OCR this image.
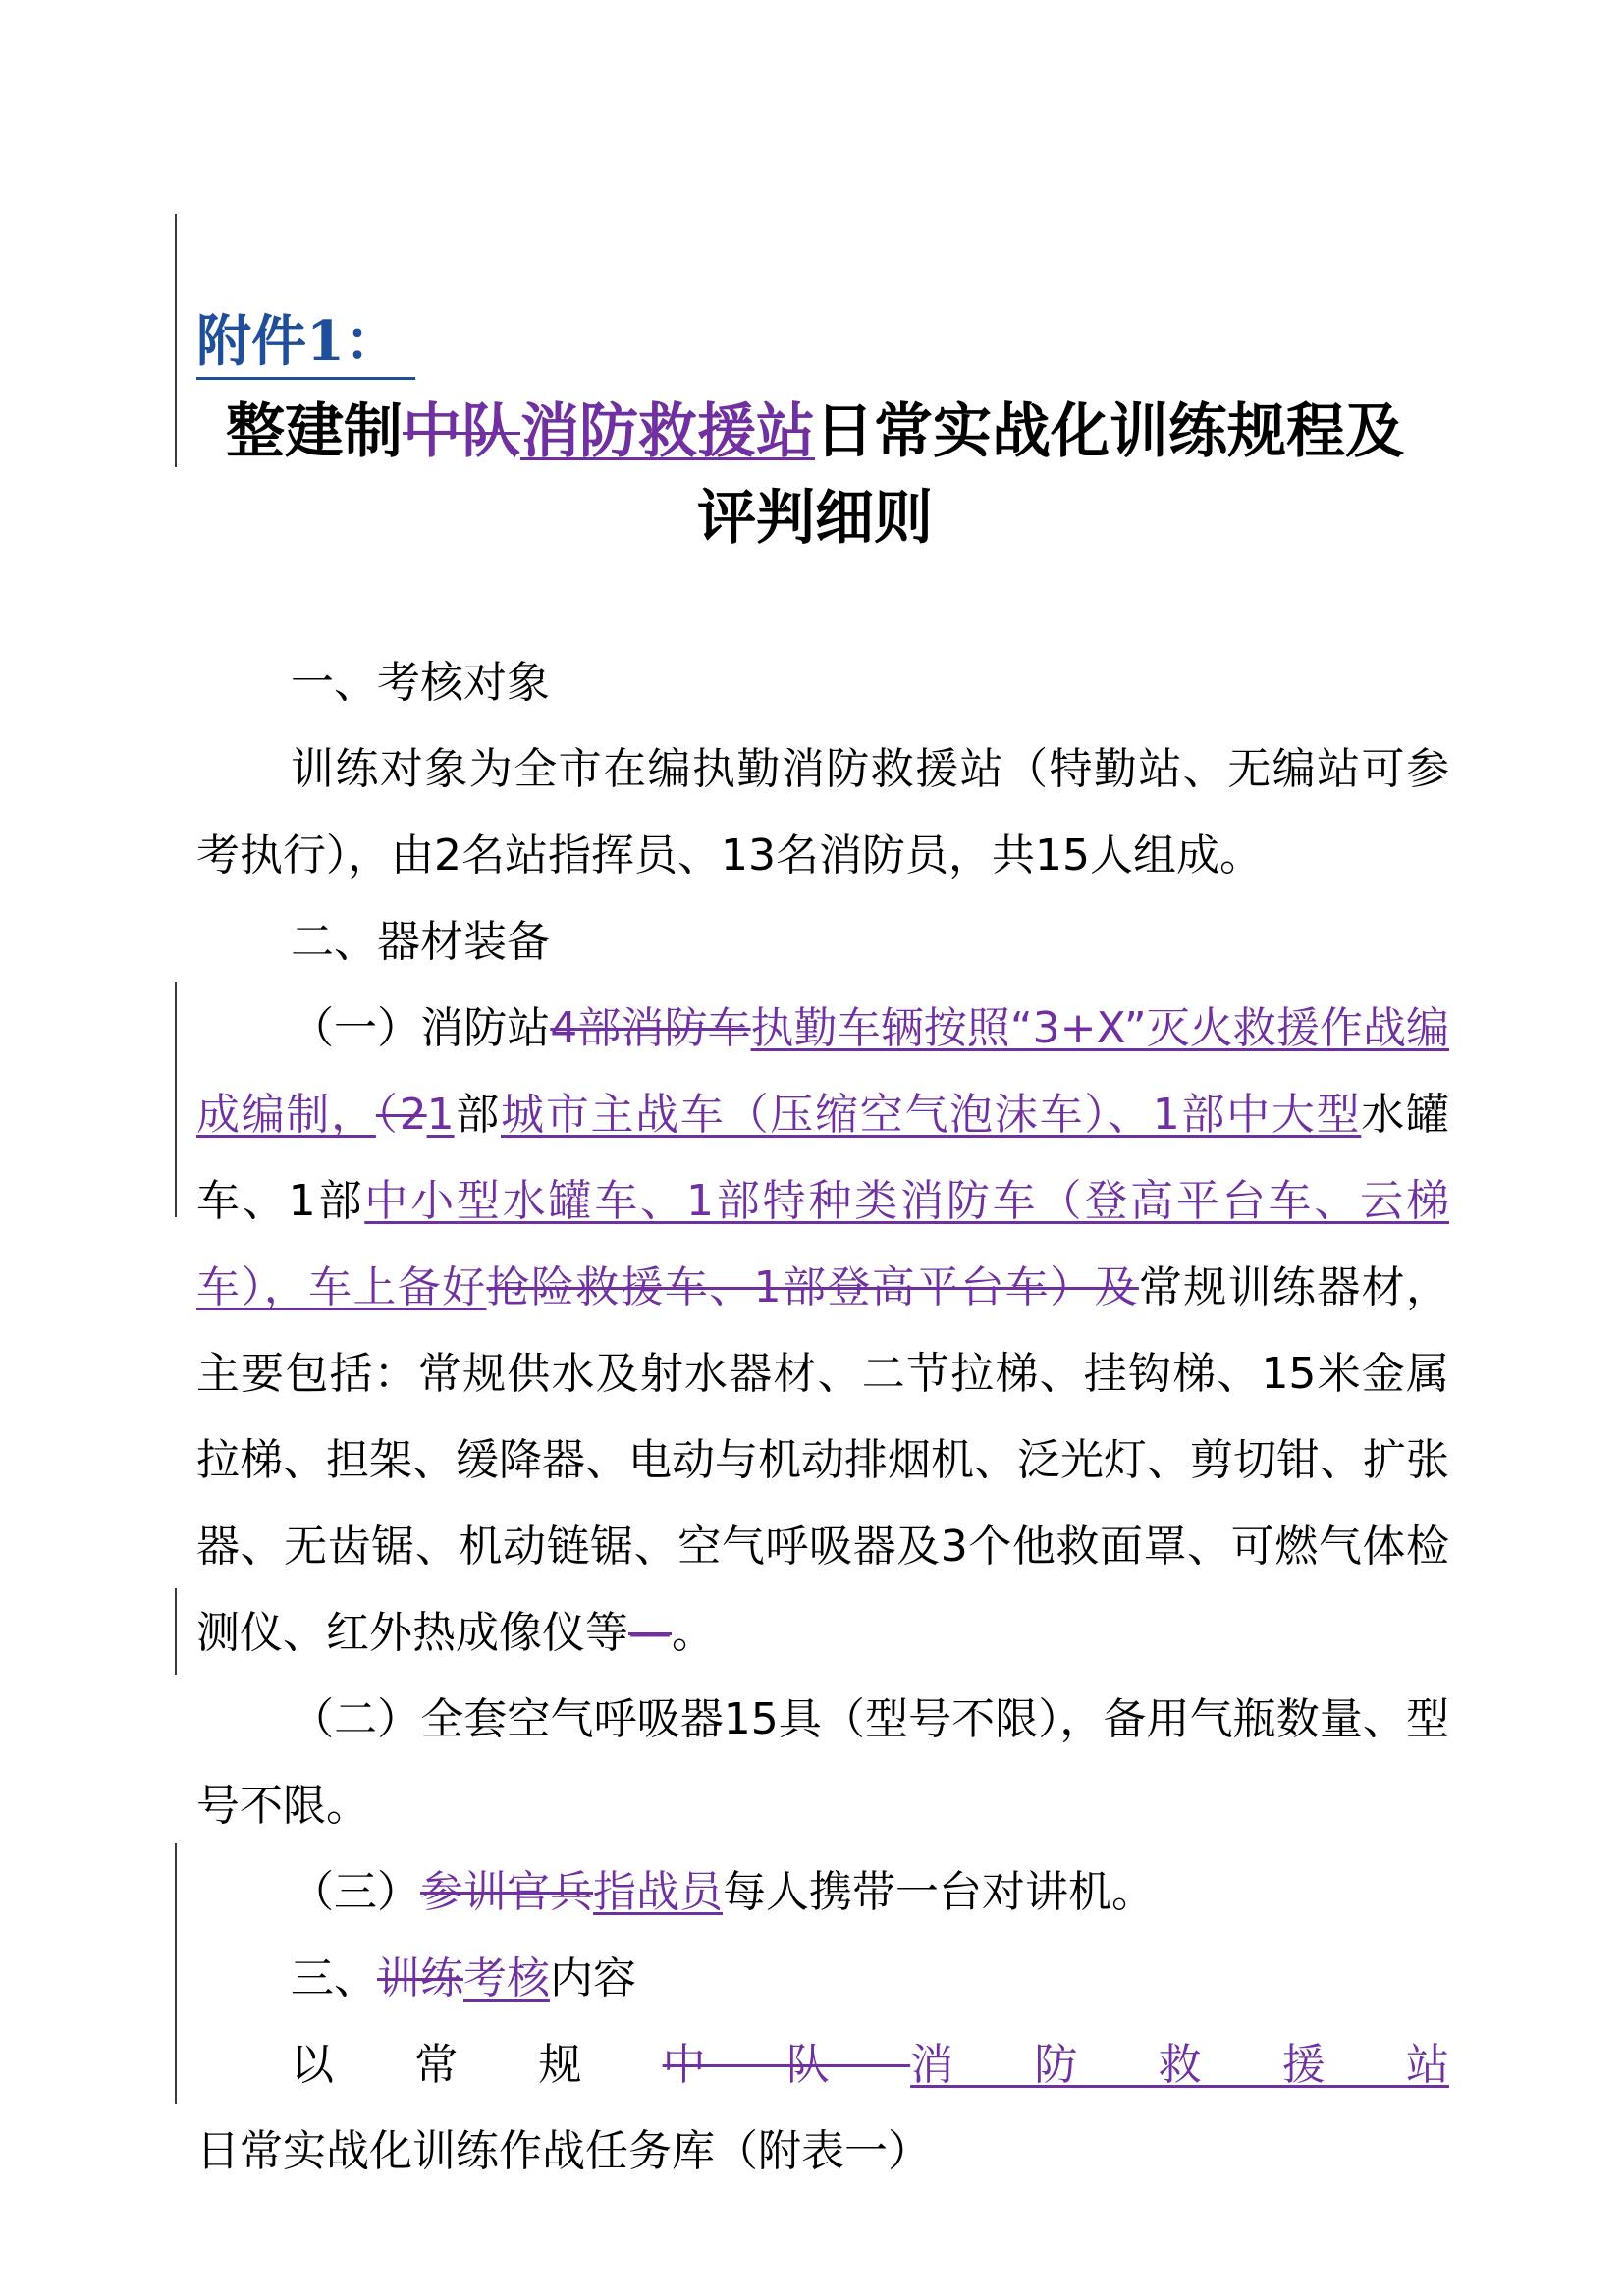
附件1：
整建制中队消防救援站日常实战化训练规程及
评判细则

一、考核对象

训练对象为全市在编执勤消防救援站（特勤站、无编站可参考执行），由2名站指挥员、13名消防员，共15人组成。

二、器材装备

（一）消防站4部消防车执勤车辆按照“3+X”灭火救援作战编成编制，（21部城市主战车（压缩空气泡沫车）、1部中大型水罐车、1部中小型水罐车、1部特种类消防车（登高平台车、云梯车），车上备好抢险救援车、1部登高平台车）及常规训练器材，主要包括：常规供水及射水器材、二节拉梯、挂钩梯、15米金属拉梯、担架、缓降器、电动与机动排烟机、泛光灯、剪切钳、扩张器、无齿锯、机动链锯、空气呼吸器及3个他救面罩、可燃气体检测仪、红外热成像仪等—。

（二）全套空气呼吸器15具（型号不限），备用气瓶数量、型号不限。

（三）参训官兵指战员每人携带一台对讲机。

三、训练考核内容

以常规中队消防救援站日常实战化训练作战任务库（附表一）
